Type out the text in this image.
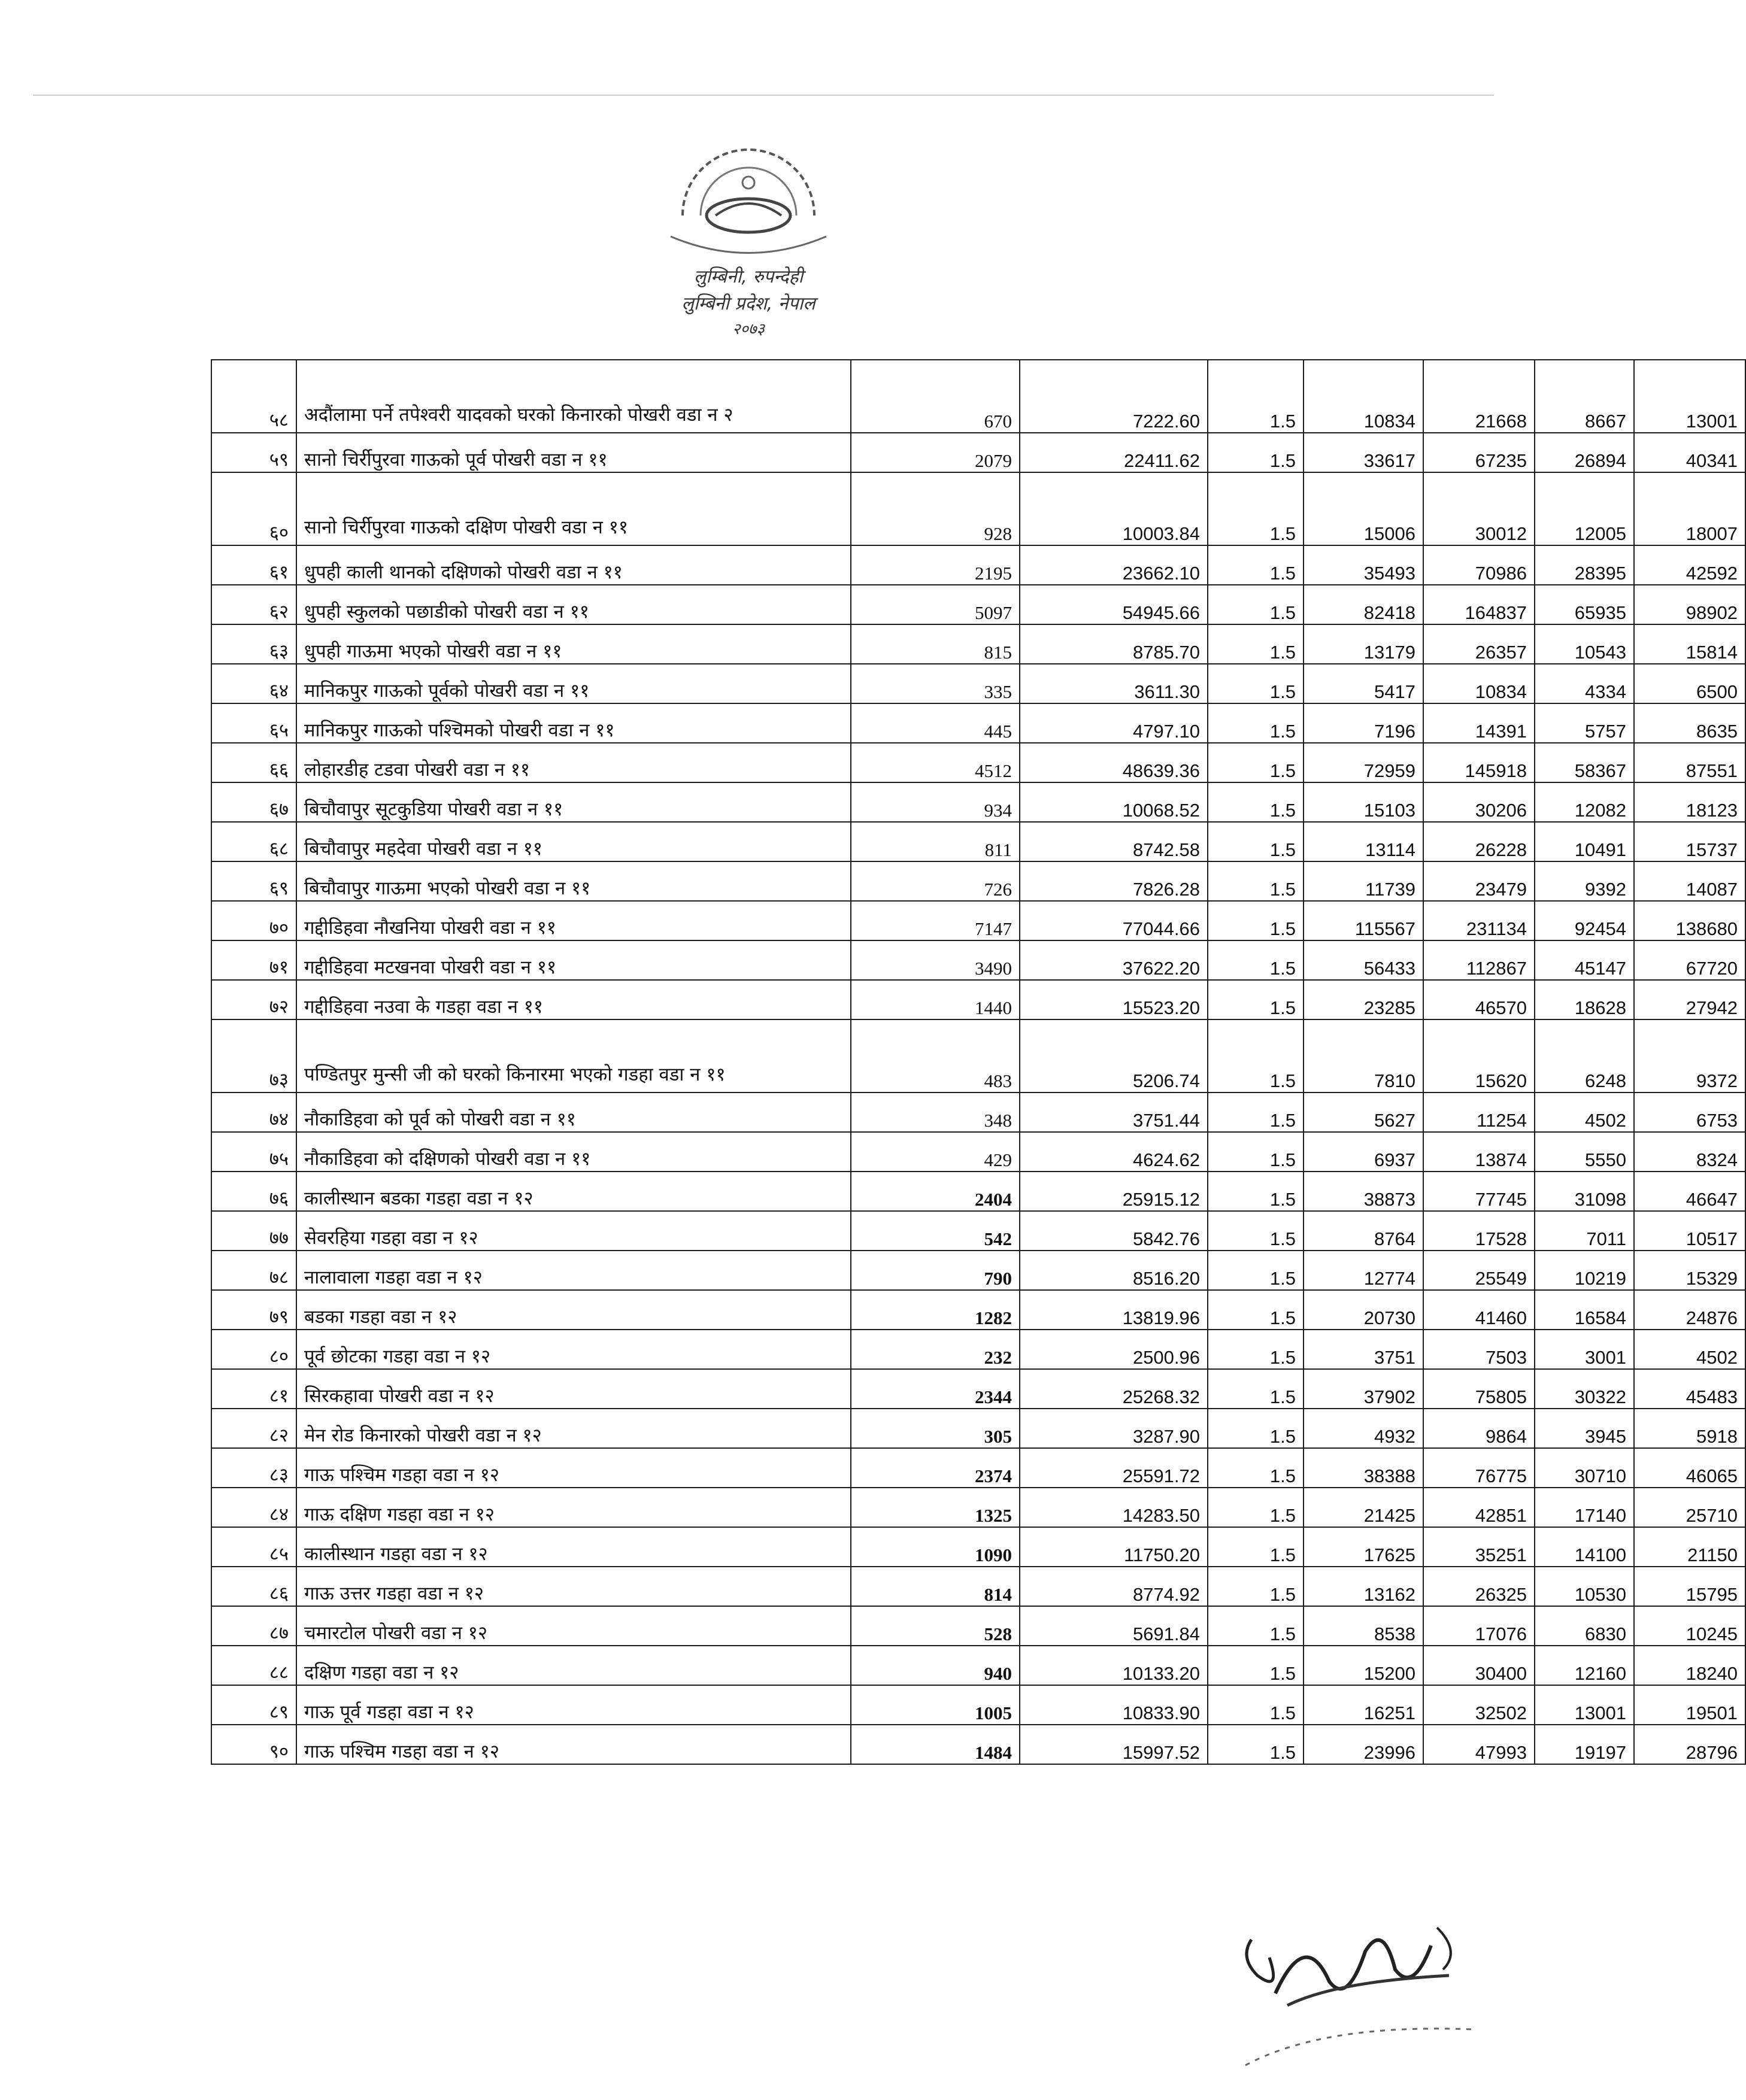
लुम्बिनी, रुपन्देही
लुम्बिनी प्रदेश, नेपाल
२०७३
५८	अदौंलामा पर्ने तपेश्वरी यादवको घरको किनारको पोखरी वडा न २	670	7222.60	1.5	10834	21668	8667	13001
५९	सानो चिर्रीपुरवा गाऊको पूर्व पोखरी वडा न ११	2079	22411.62	1.5	33617	67235	26894	40341
६०	सानो चिर्रीपुरवा गाऊको दक्षिण पोखरी वडा न ११	928	10003.84	1.5	15006	30012	12005	18007
६१	धुपही काली थानको दक्षिणको पोखरी वडा न ११	2195	23662.10	1.5	35493	70986	28395	42592
६२	धुपही स्कुलको पछाडीको पोखरी वडा न ११	5097	54945.66	1.5	82418	164837	65935	98902
६३	धुपही गाऊमा भएको पोखरी वडा न ११	815	8785.70	1.5	13179	26357	10543	15814
६४	मानिकपुर गाऊको पूर्वको पोखरी वडा न ११	335	3611.30	1.5	5417	10834	4334	6500
६५	मानिकपुर गाऊको पश्चिमको पोखरी वडा न ११	445	4797.10	1.5	7196	14391	5757	8635
६६	लोहारडीह टडवा पोखरी वडा न ११	4512	48639.36	1.5	72959	145918	58367	87551
६७	बिचौवापुर सूटकुडिया पोखरी वडा न ११	934	10068.52	1.5	15103	30206	12082	18123
६८	बिचौवापुर महदेवा पोखरी वडा न ११	811	8742.58	1.5	13114	26228	10491	15737
६९	बिचौवापुर गाऊमा भएको पोखरी वडा न ११	726	7826.28	1.5	11739	23479	9392	14087
७०	गद्दीडिहवा नौखनिया पोखरी वडा न ११	7147	77044.66	1.5	115567	231134	92454	138680
७१	गद्दीडिहवा मटखनवा पोखरी वडा न ११	3490	37622.20	1.5	56433	112867	45147	67720
७२	गद्दीडिहवा नउवा के गडहा वडा न ११	1440	15523.20	1.5	23285	46570	18628	27942
७३	पण्डितपुर मुन्सी जी को घरको किनारमा भएको गडहा वडा न ११	483	5206.74	1.5	7810	15620	6248	9372
७४	नौकाडिहवा को पूर्व को पोखरी वडा न ११	348	3751.44	1.5	5627	11254	4502	6753
७५	नौकाडिहवा को दक्षिणको पोखरी वडा न ११	429	4624.62	1.5	6937	13874	5550	8324
७६	कालीस्थान बडका गडहा वडा न १२	2404	25915.12	1.5	38873	77745	31098	46647
७७	सेवरहिया गडहा वडा न १२	542	5842.76	1.5	8764	17528	7011	10517
७८	नालावाला गडहा वडा न १२	790	8516.20	1.5	12774	25549	10219	15329
७९	बडका गडहा वडा न १२	1282	13819.96	1.5	20730	41460	16584	24876
८०	पूर्व छोटका गडहा वडा न १२	232	2500.96	1.5	3751	7503	3001	4502
८१	सिरकहावा पोखरी वडा न १२	2344	25268.32	1.5	37902	75805	30322	45483
८२	मेन रोड किनारको पोखरी वडा न १२	305	3287.90	1.5	4932	9864	3945	5918
८३	गाऊ पश्चिम गडहा वडा न १२	2374	25591.72	1.5	38388	76775	30710	46065
८४	गाऊ दक्षिण गडहा वडा न १२	1325	14283.50	1.5	21425	42851	17140	25710
८५	कालीस्थान गडहा वडा न १२	1090	11750.20	1.5	17625	35251	14100	21150
८६	गाऊ उत्तर गडहा वडा न १२	814	8774.92	1.5	13162	26325	10530	15795
८७	चमारटोल पोखरी वडा न १२	528	5691.84	1.5	8538	17076	6830	10245
८८	दक्षिण गडहा वडा न १२	940	10133.20	1.5	15200	30400	12160	18240
८९	गाऊ पूर्व गडहा वडा न १२	1005	10833.90	1.5	16251	32502	13001	19501
९०	गाऊ पश्चिम गडहा वडा न १२	1484	15997.52	1.5	23996	47993	19197	28796
